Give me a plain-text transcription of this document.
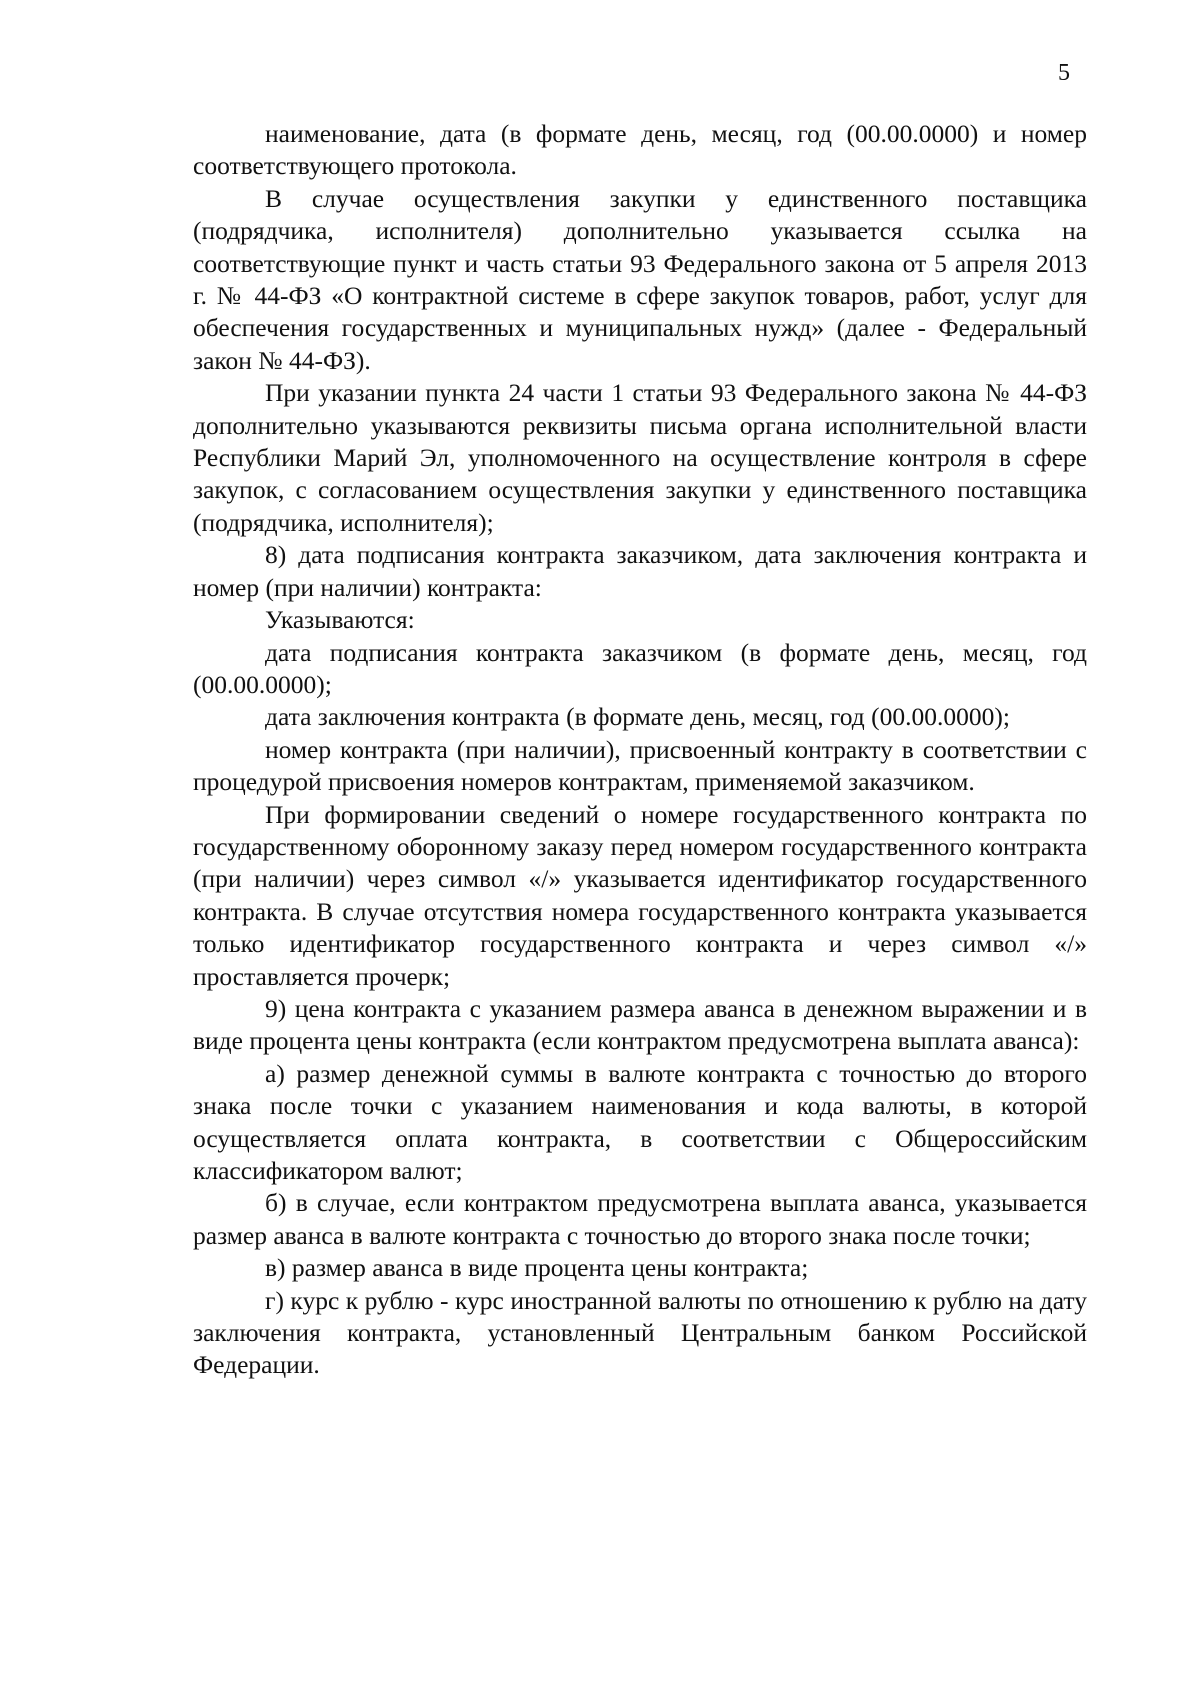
5

наименование, дата (в формате день, месяц, год (00.00.0000) и номер соответствующего протокола.

В случае осуществления закупки у единственного поставщика (подрядчика, исполнителя) дополнительно указывается ссылка на соответствующие пункт и часть статьи 93 Федерального закона от 5 апреля 2013 г. № 44-ФЗ «О контрактной системе в сфере закупок товаров, работ, услуг для обеспечения государственных и муниципальных нужд» (далее - Федеральный закон № 44-ФЗ).

При указании пункта 24 части 1 статьи 93 Федерального закона № 44-ФЗ дополнительно указываются реквизиты письма органа исполнительной власти Республики Марий Эл, уполномоченного на осуществление контроля в сфере закупок, с согласованием осуществления закупки у единственного поставщика (подрядчика, исполнителя);

8) дата подписания контракта заказчиком, дата заключения контракта и номер (при наличии) контракта:

Указываются:

дата подписания контракта заказчиком (в формате день, месяц, год (00.00.0000);

дата заключения контракта (в формате день, месяц, год (00.00.0000);

номер контракта (при наличии), присвоенный контракту в соответствии с процедурой присвоения номеров контрактам, применяемой заказчиком.

При формировании сведений о номере государственного контракта по государственному оборонному заказу перед номером государственного контракта (при наличии) через символ «/» указывается идентификатор государственного контракта. В случае отсутствия номера государственного контракта указывается только идентификатор государственного контракта и через символ «/» проставляется прочерк;

9) цена контракта с указанием размера аванса в денежном выражении и в виде процента цены контракта (если контрактом предусмотрена выплата аванса):

а) размер денежной суммы в валюте контракта с точностью до второго знака после точки с указанием наименования и кода валюты, в которой осуществляется оплата контракта, в соответствии с Общероссийским классификатором валют;

б) в случае, если контрактом предусмотрена выплата аванса, указывается размер аванса в валюте контракта с точностью до второго знака после точки;

в) размер аванса в виде процента цены контракта;

г) курс к рублю - курс иностранной валюты по отношению к рублю на дату заключения контракта, установленный Центральным банком Российской Федерации.
